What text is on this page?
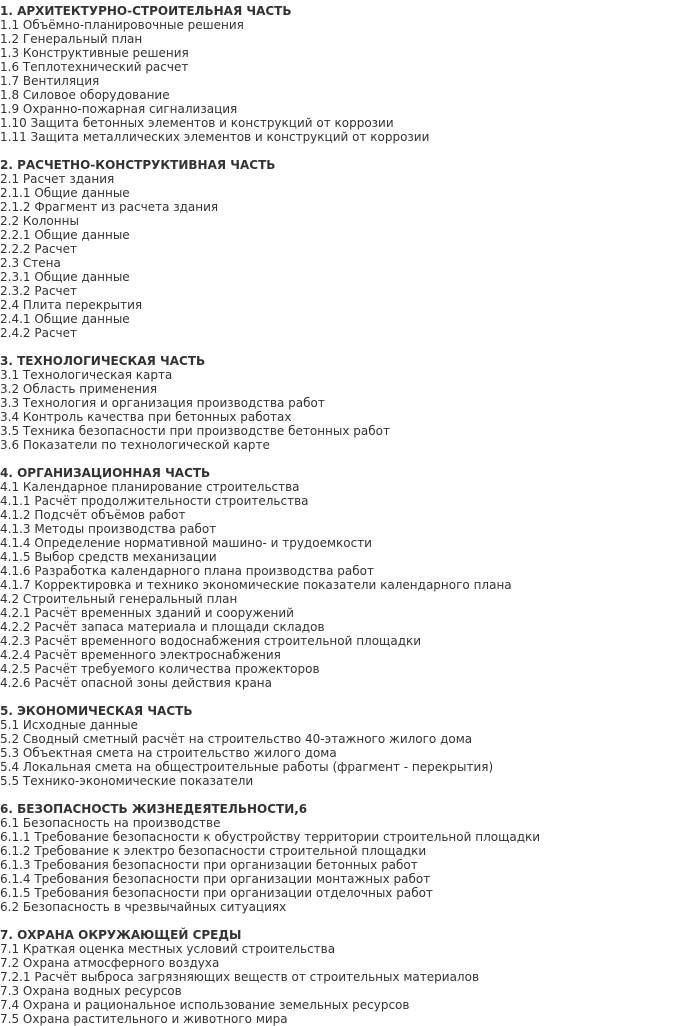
1. АРХИТЕКТУРНО-СТРОИТЕЛЬНАЯ ЧАСТЬ
1.1 Объёмно-планировочные решения
1.2 Генеральный план
1.3 Конструктивные решения
1.6 Теплотехнический расчет
1.7 Вентиляция
1.8 Силовое оборудование
1.9 Охранно-пожарная сигнализация
1.10 Защита бетонных элементов и конструкций от коррозии
1.11 Защита металлических элементов и конструкций от коррозии
2. РАСЧЕТНО-КОНСТРУКТИВНАЯ ЧАСТЬ
2.1 Расчет здания
2.1.1 Общие данные
2.1.2 Фрагмент из расчета здания
2.2 Колонны
2.2.1 Общие данные
2.2.2 Расчет
2.3 Стена
2.3.1 Общие данные
2.3.2 Расчет
2.4 Плита перекрытия
2.4.1 Общие данные
2.4.2 Расчет
3. ТЕХНОЛОГИЧЕСКАЯ ЧАСТЬ
3.1 Технологическая карта
3.2 Область применения
3.3 Технология и организация производства работ
3.4 Контроль качества при бетонных работах
3.5 Техника безопасности при производстве бетонных работ
3.6 Показатели по технологической карте
4. ОРГАНИЗАЦИОННАЯ ЧАСТЬ
4.1 Календарное планирование строительства
4.1.1 Расчёт продолжительности строительства
4.1.2 Подсчёт объёмов работ
4.1.3 Методы производства работ
4.1.4 Определение нормативной машино- и трудоемкости
4.1.5 Выбор средств механизации
4.1.6 Разработка календарного плана производства работ
4.1.7 Корректировка и технико экономические показатели календарного плана
4.2 Строительный генеральный план
4.2.1 Расчёт временных зданий и сооружений
4.2.2 Расчёт запаса материала и площади складов
4.2.3 Расчёт временного водоснабжения строительной площадки
4.2.4 Расчёт временного электроснабжения
4.2.5 Расчёт требуемого количества прожекторов
4.2.6 Расчёт опасной зоны действия крана
5. ЭКОНОМИЧЕСКАЯ ЧАСТЬ
5.1 Исходные данные
5.2 Сводный сметный расчёт на строительство 40-этажного жилого дома
5.3 Объектная смета на строительство жилого дома
5.4 Локальная смета на общестроительные работы (фрагмент - перекрытия)
5.5 Технико-экономические показатели
6. БЕЗОПАСНОСТЬ ЖИЗНЕДЕЯТЕЛЬНОСТИ,6
6.1 Безопасность на производстве
6.1.1 Требование безопасности к обустройству территории строительной площадки
6.1.2 Требование к электро безопасности строительной площадки
6.1.3 Требования безопасности при организации бетонных работ
6.1.4 Требования безопасности при организации монтажных работ
6.1.5 Требования безопасности при организации отделочных работ
6.2 Безопасность в чрезвычайных ситуациях
7. ОХРАНА ОКРУЖАЮЩЕЙ СРЕДЫ
7.1 Краткая оценка местных условий строительства
7.2 Охрана атмосферного воздуха
7.2.1 Расчёт выброса загрязняющих веществ от строительных материалов
7.3 Охрана водных ресурсов
7.4 Охрана и рациональное использование земельных ресурсов
7.5 Охрана растительного и животного мира
